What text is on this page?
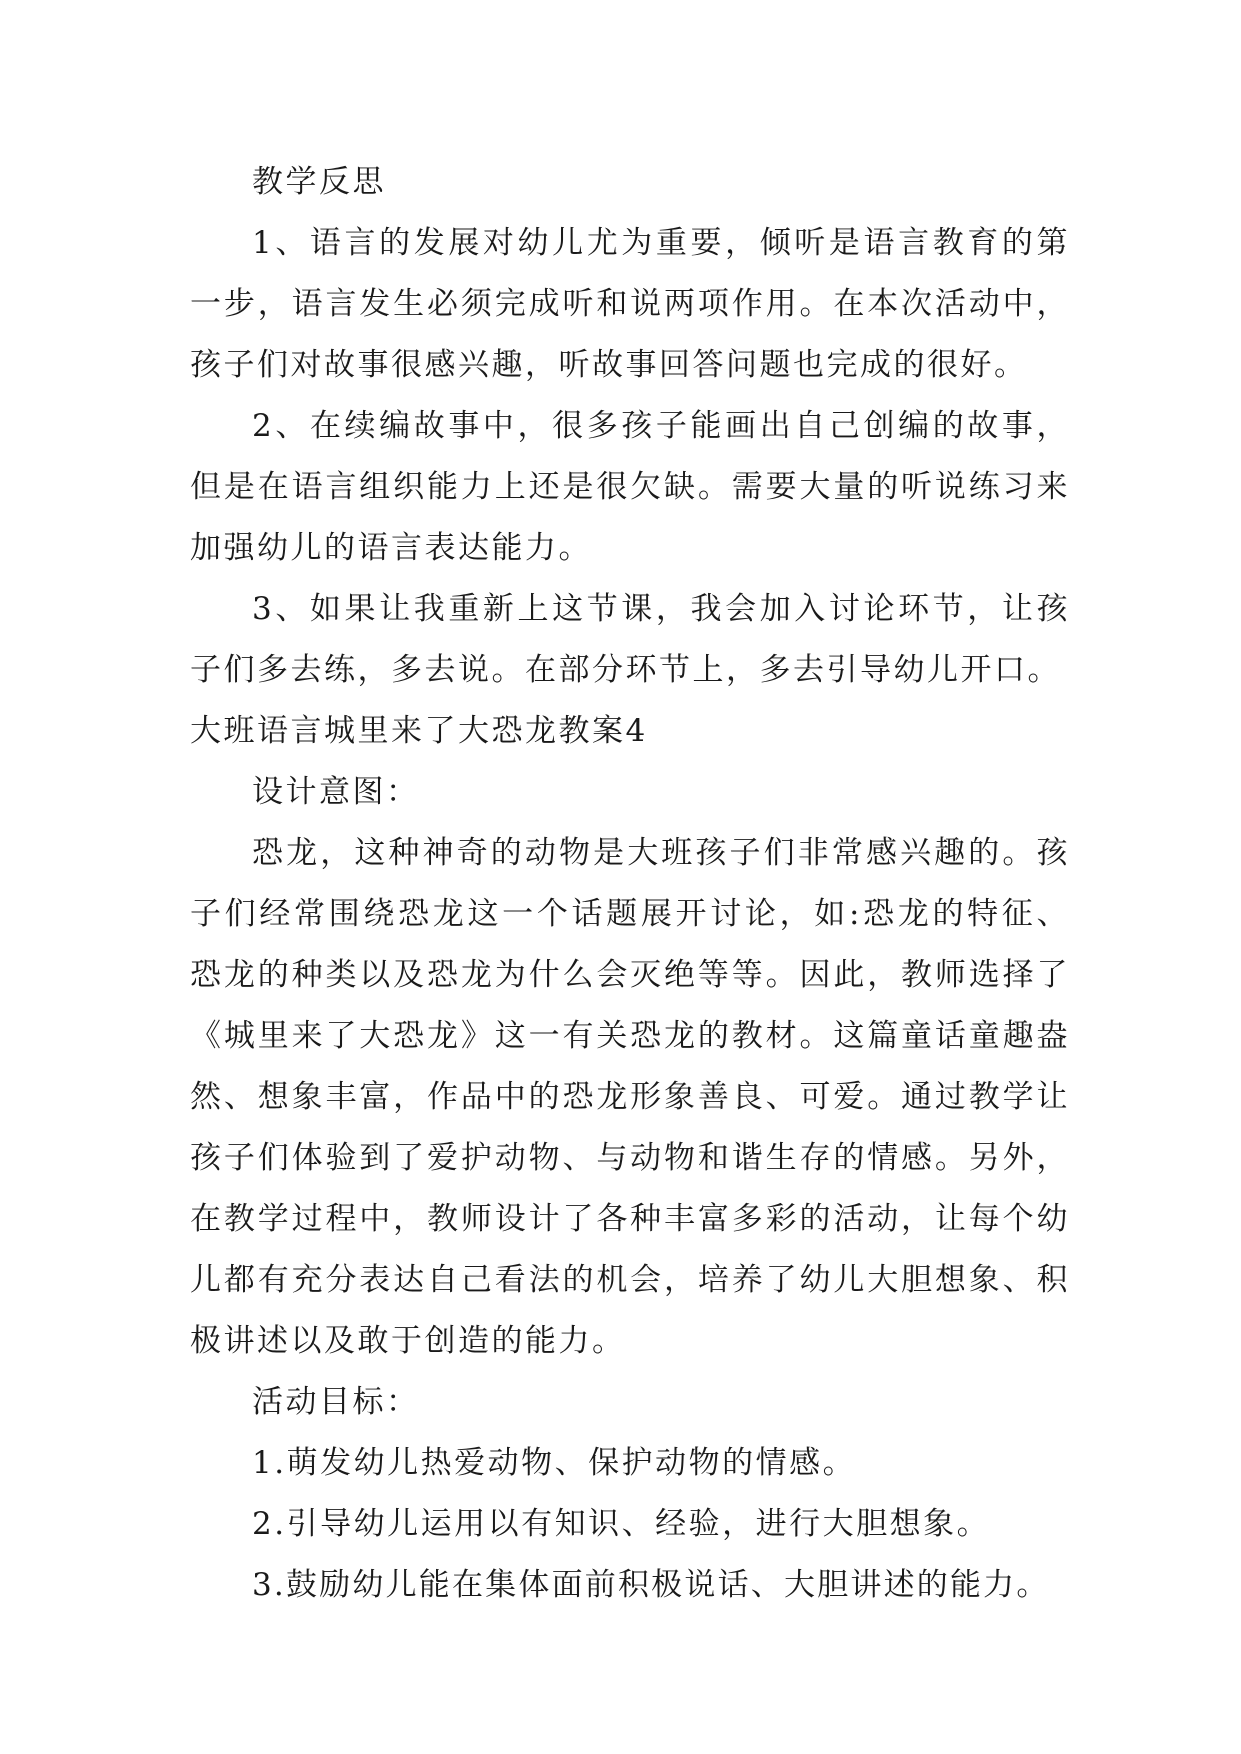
教学反思

1、语言的发展对幼儿尤为重要，倾听是语言教育的第一步，语言发生必须完成听和说两项作用。在本次活动中，孩子们对故事很感兴趣，听故事回答问题也完成的很好。

2、在续编故事中，很多孩子能画出自己创编的故事，但是在语言组织能力上还是很欠缺。需要大量的听说练习来加强幼儿的语言表达能力。

3、如果让我重新上这节课，我会加入讨论环节，让孩子们多去练，多去说。在部分环节上，多去引导幼儿开口。

大班语言城里来了大恐龙教案4

设计意图：

恐龙，这种神奇的动物是大班孩子们非常感兴趣的。孩子们经常围绕恐龙这一个话题展开讨论，如:恐龙的特征、恐龙的种类以及恐龙为什么会灭绝等等。因此，教师选择了《城里来了大恐龙》这一有关恐龙的教材。这篇童话童趣盎然、想象丰富，作品中的恐龙形象善良、可爱。通过教学让孩子们体验到了爱护动物、与动物和谐生存的情感。另外，在教学过程中，教师设计了各种丰富多彩的活动，让每个幼儿都有充分表达自己看法的机会，培养了幼儿大胆想象、积极讲述以及敢于创造的能力。

活动目标：

1.萌发幼儿热爱动物、保护动物的情感。

2.引导幼儿运用以有知识、经验，进行大胆想象。

3.鼓励幼儿能在集体面前积极说话、大胆讲述的能力。
